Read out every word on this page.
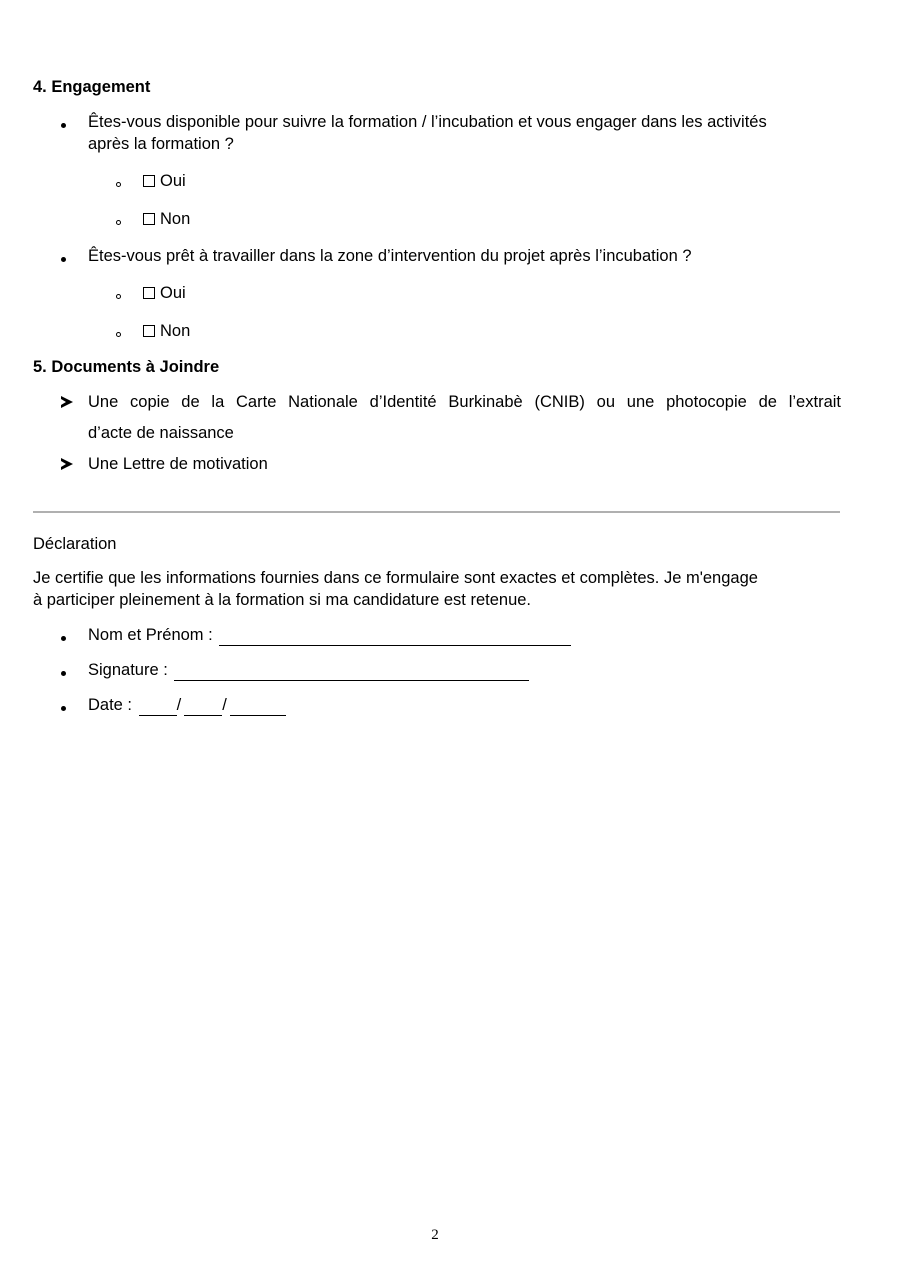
4. Engagement
Êtes-vous disponible pour suivre la formation / l’incubation et vous engager dans les activités
après la formation ?
Oui
Non
Êtes-vous prêt à travailler dans la zone d’intervention du projet après l’incubation ?
Oui
Non
5. Documents à Joindre
Une copie de la Carte Nationale d’Identité Burkinabè (CNIB) ou une photocopie de l’extrait
d’acte de naissance
Une Lettre de motivation
Déclaration
Je certifie que les informations fournies dans ce formulaire sont exactes et complètes. Je m'engage
à participer pleinement à la formation si ma candidature est retenue.
Nom et Prénom :
Signature :
Date :	/ /
2
